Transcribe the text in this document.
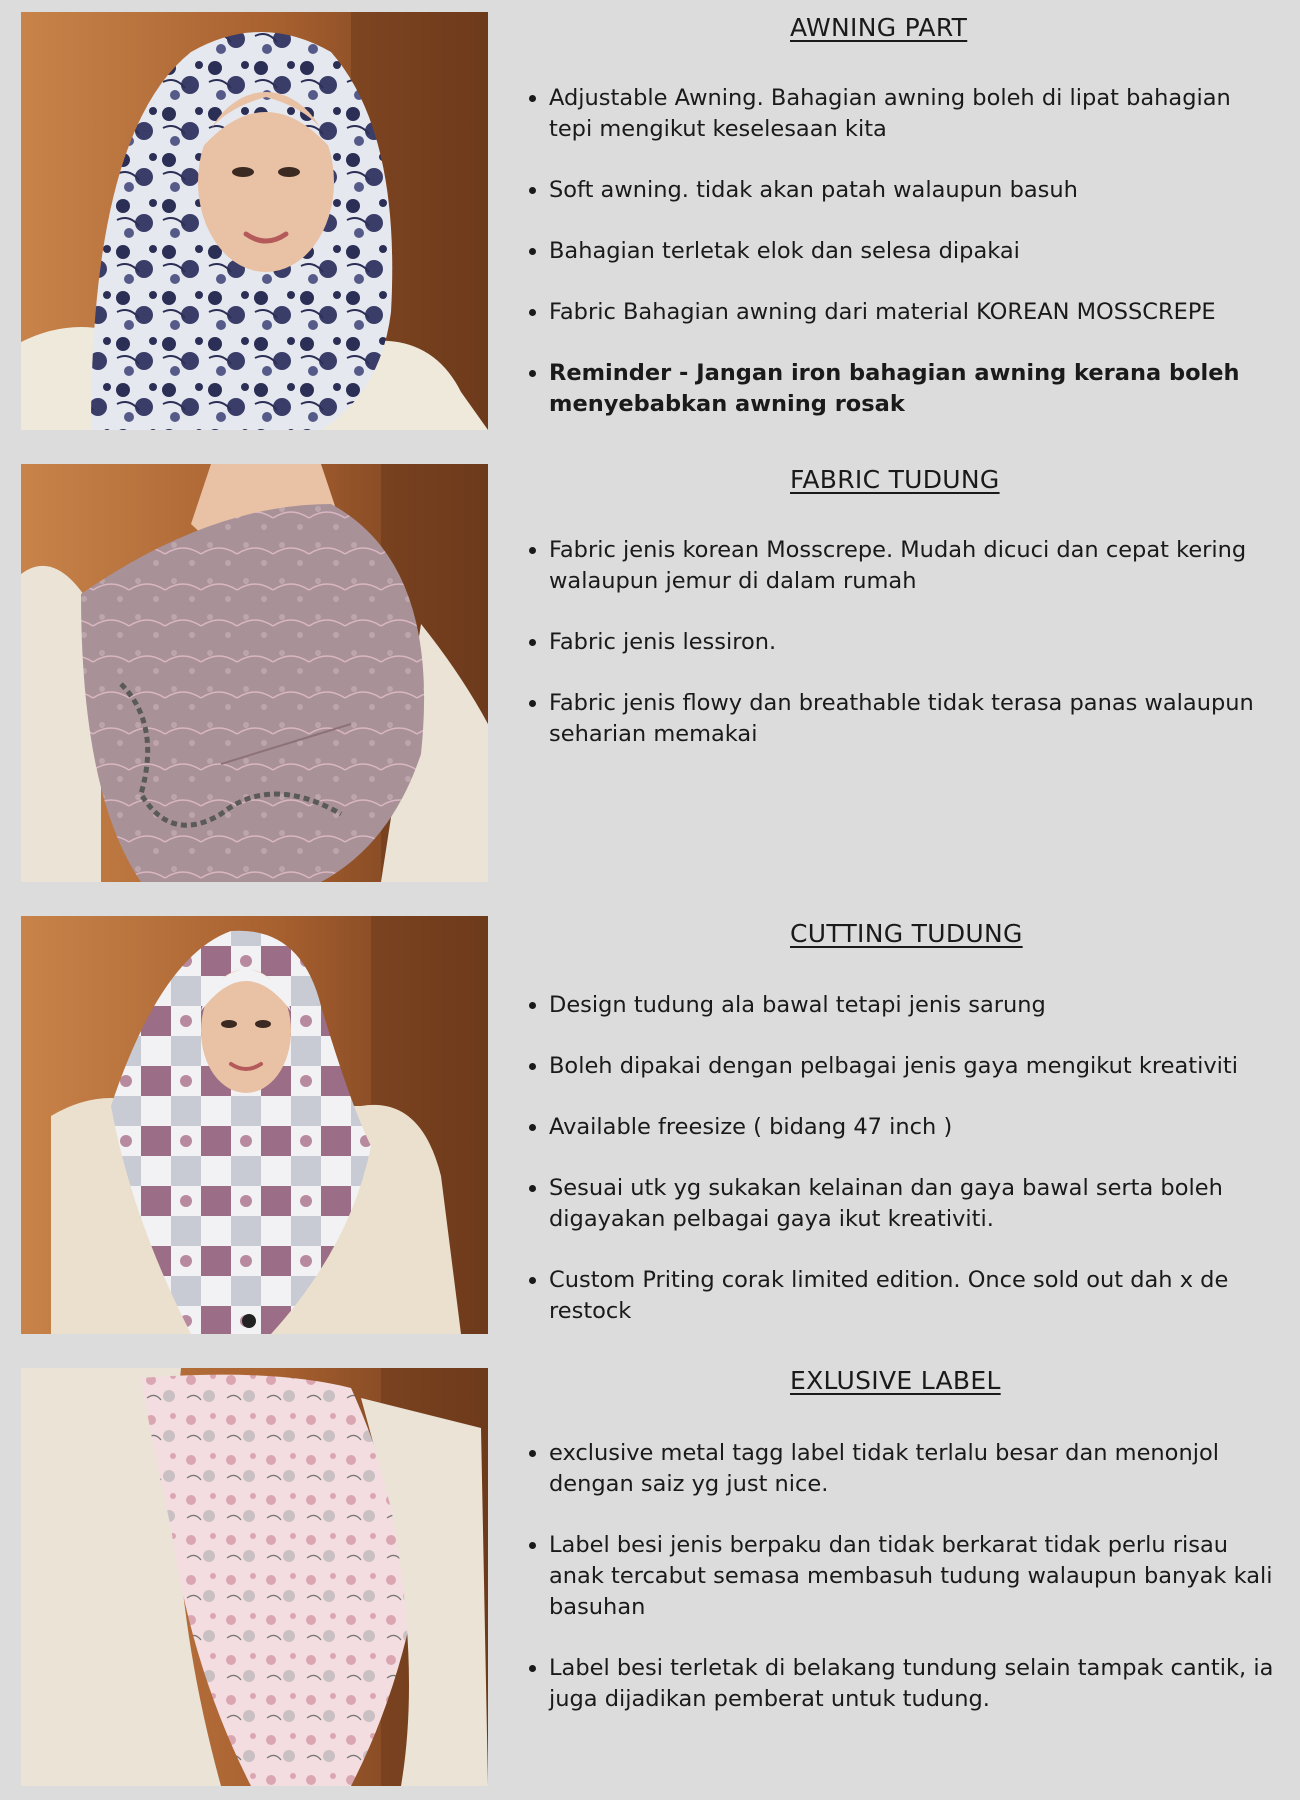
AWNING PART
• Adjustable Awning. Bahagian awning boleh di lipat bahagian tepi mengikut keselesaan kita
• Soft awning. tidak akan patah walaupun basuh
• Bahagian terletak elok dan selesa dipakai
• Fabric Bahagian awning dari material KOREAN MOSSCREPE
• Reminder - Jangan iron bahagian awning kerana boleh menyebabkan awning rosak
FABRIC TUDUNG
• Fabric jenis korean Mosscrepe. Mudah dicuci dan cepat kering walaupun jemur di dalam rumah
• Fabric jenis lessiron.
• Fabric jenis flowy dan breathable tidak terasa panas walaupun seharian memakai
CUTTING TUDUNG
• Design tudung ala bawal tetapi jenis sarung
• Boleh dipakai dengan pelbagai jenis gaya mengikut kreativiti
• Available freesize ( bidang 47 inch )
• Sesuai utk yg sukakan kelainan dan gaya bawal serta boleh digayakan pelbagai gaya ikut kreativiti.
• Custom Priting corak limited edition. Once sold out dah x de restock
EXLUSIVE LABEL
• exclusive metal tagg label tidak terlalu besar dan menonjol dengan saiz yg just nice.
• Label besi jenis berpaku dan tidak berkarat tidak perlu risau anak tercabut semasa membasuh tudung walaupun banyak kali basuhan
• Label besi terletak di belakang tundung selain tampak cantik, ia juga dijadikan pemberat untuk tudung.
